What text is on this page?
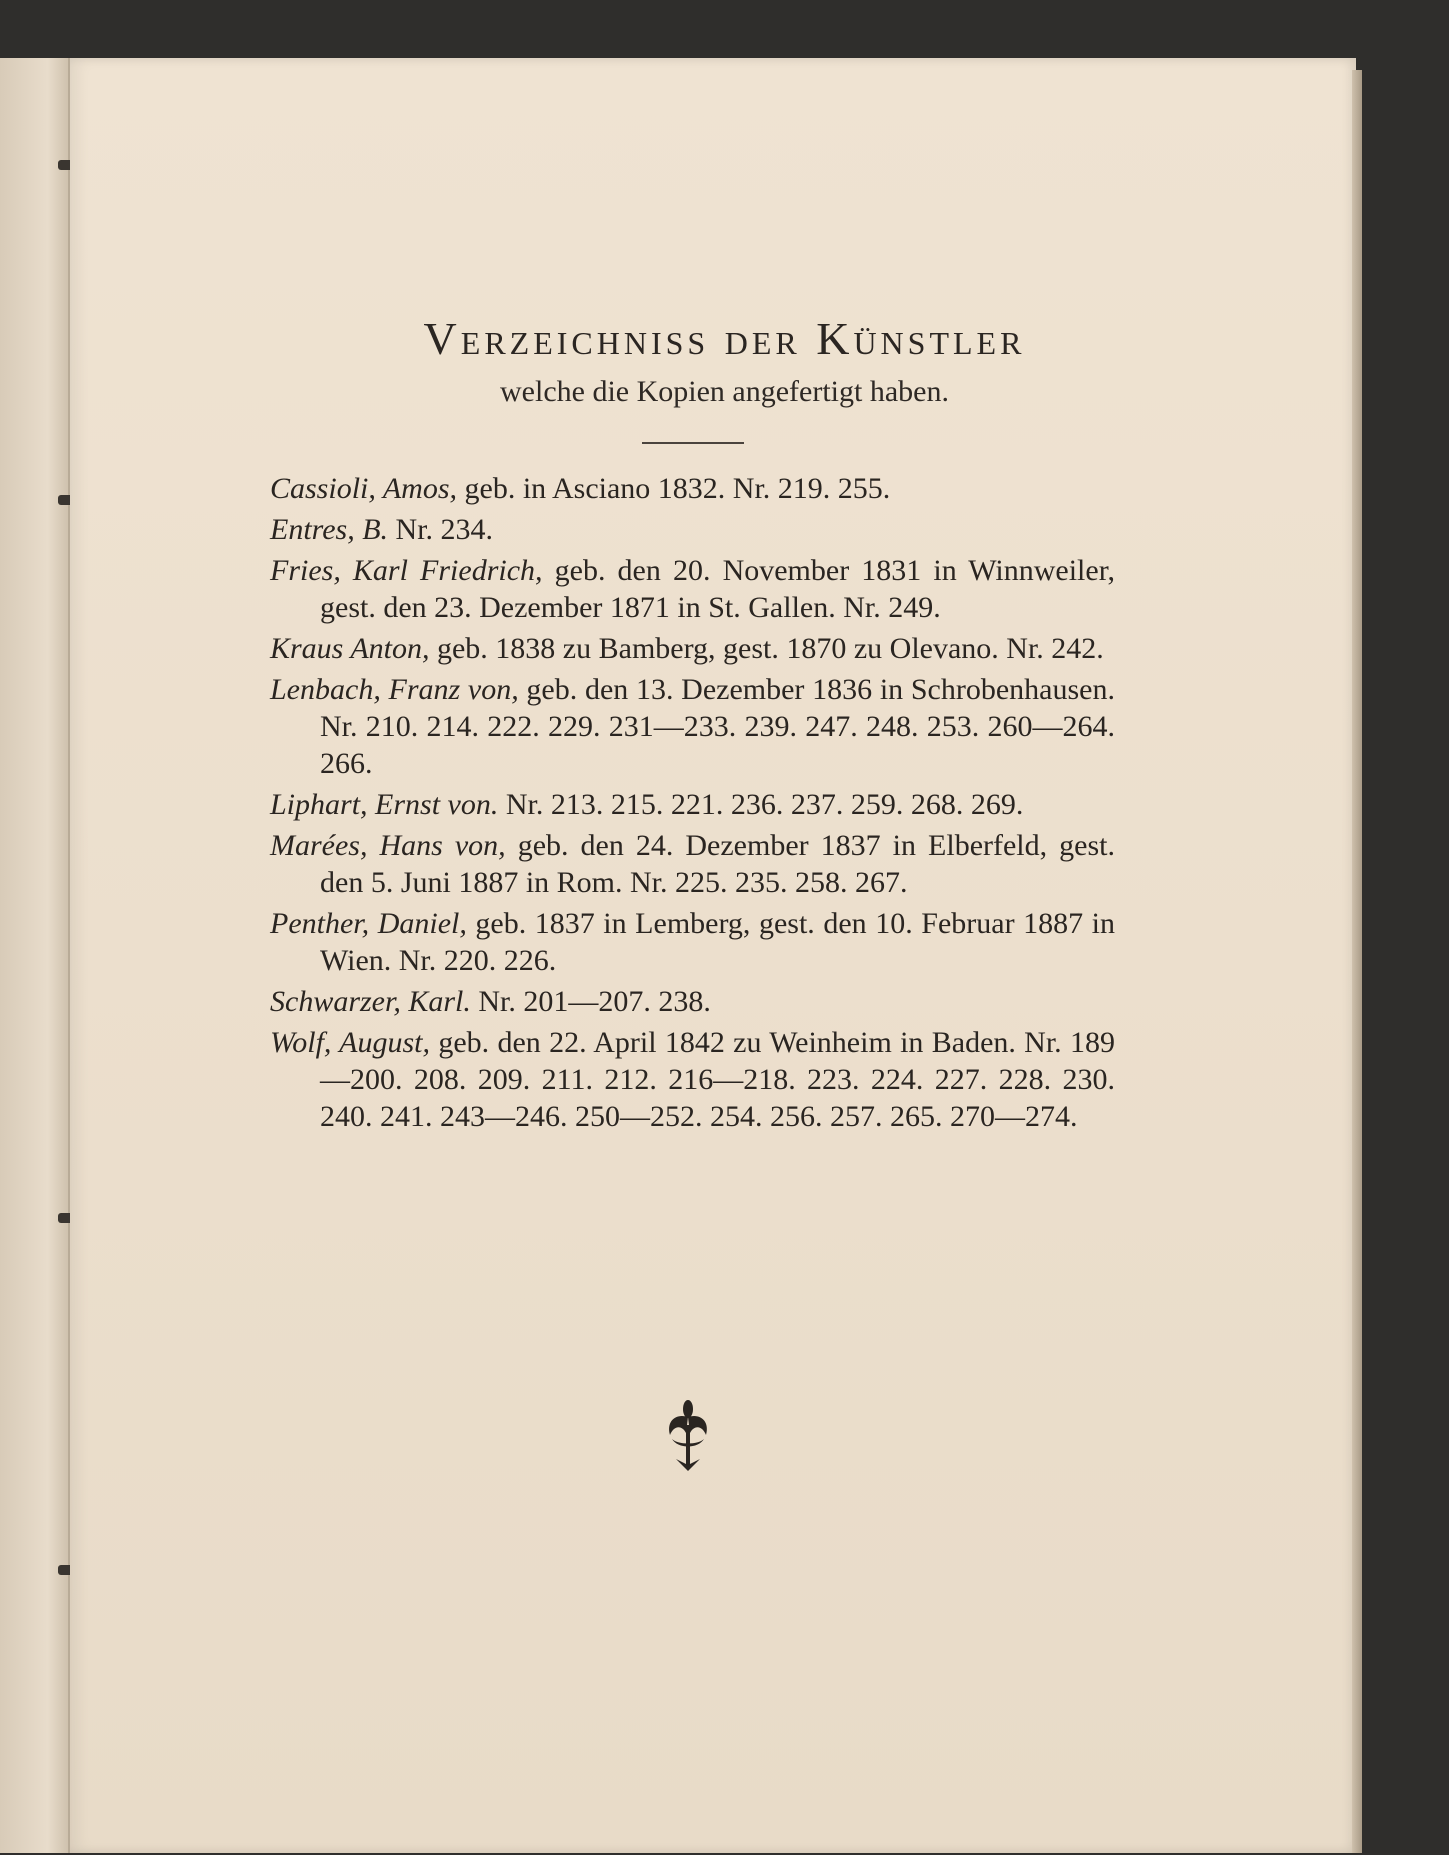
Verzeichniss der Künstler
welche die Kopien angefertigt haben.
Cassioli, Amos, geb. in Asciano 1832. Nr. 219. 255.
Entres, B. Nr. 234.
Fries, Karl Friedrich, geb. den 20. November 1831 in Winnweiler, gest. den 23. Dezember 1871 in St. Gallen. Nr. 249.
Kraus Anton, geb. 1838 zu Bamberg, gest. 1870 zu Olevano. Nr. 242.
Lenbach, Franz von, geb. den 13. Dezember 1836 in Schrobenhausen. Nr. 210. 214. 222. 229. 231—233. 239. 247. 248. 253. 260—264. 266.
Liphart, Ernst von. Nr. 213. 215. 221. 236. 237. 259. 268. 269.
Marées, Hans von, geb. den 24. Dezember 1837 in Elberfeld, gest. den 5. Juni 1887 in Rom. Nr. 225. 235. 258. 267.
Penther, Daniel, geb. 1837 in Lemberg, gest. den 10. Februar 1887 in Wien. Nr. 220. 226.
Schwarzer, Karl. Nr. 201—207. 238.
Wolf, August, geb. den 22. April 1842 zu Weinheim in Baden. Nr. 189—200. 208. 209. 211. 212. 216—218. 223. 224. 227. 228. 230. 240. 241. 243—246. 250—252. 254. 256. 257. 265. 270—274.
